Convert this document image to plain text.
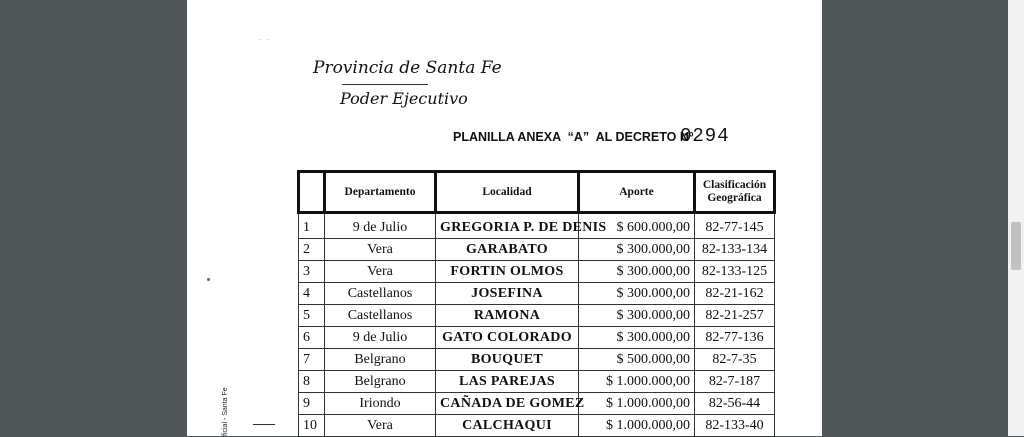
. .
Provincia de Santa Fe
Poder Ejecutivo
PLANILLA ANEXA  “A”  AL DECRETO Nº
0294
	Departamento	Localidad	Aporte	Clasificación Geográfica
1	9 de Julio	GREGORIA P. DE DENIS	$ 600.000,00	82-77-145
2	Vera	GARABATO	$ 300.000,00	82-133-134
3	Vera	FORTIN OLMOS	$ 300.000,00	82-133-125
4	Castellanos	JOSEFINA	$ 300.000,00	82-21-162
5	Castellanos	RAMONA	$ 300.000,00	82-21-257
6	9 de Julio	GATO COLORADO	$ 300.000,00	82-77-136
7	Belgrano	BOUQUET	$ 500.000,00	82-7-35
8	Belgrano	LAS PAREJAS	$ 1.000.000,00	82-7-187
9	Iriondo	CAÑADA DE GOMEZ	$ 1.000.000,00	82-56-44
10	Vera	CALCHAQUI	$ 1.000.000,00	82-133-40
ficial - Santa Fe
